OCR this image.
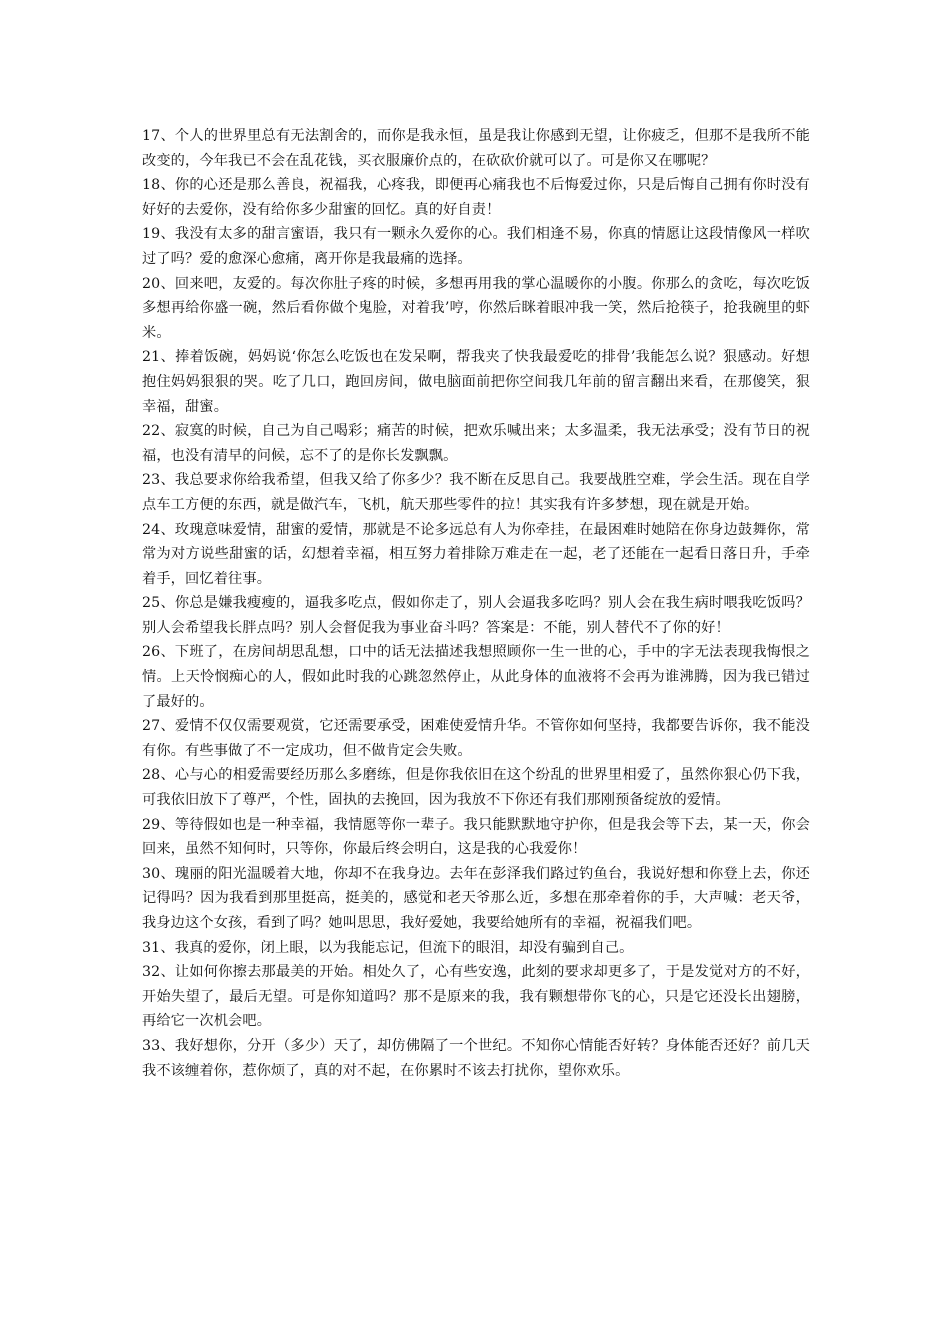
17、个人的世界里总有无法割舍的，而你是我永恒，虽是我让你感到无望，让你疲乏，但那不是我所不能改变的，今年我已不会在乱花钱，买衣服廉价点的，在砍砍价就可以了。可是你又在哪呢？

18、你的心还是那么善良，祝福我，心疼我，即便再心痛我也不后悔爱过你，只是后悔自己拥有你时没有好好的去爱你，没有给你多少甜蜜的回忆。真的好自责！

19、我没有太多的甜言蜜语，我只有一颗永久爱你的心。我们相逢不易，你真的情愿让这段情像风一样吹过了吗？爱的愈深心愈痛，离开你是我最痛的选择。

20、回来吧，友爱的。每次你肚子疼的时候，多想再用我的掌心温暖你的小腹。你那么的贪吃，每次吃饭多想再给你盛一碗，然后看你做个鬼脸，对着我’哼，你然后眯着眼冲我一笑，然后抢筷子，抢我碗里的虾米。

21、捧着饭碗，妈妈说‘你怎么吃饭也在发呆啊，帮我夹了快我最爱吃的排骨’我能怎么说？狠感动。好想抱住妈妈狠狠的哭。吃了几口，跑回房间，做电脑面前把你空间我几年前的留言翻出来看，在那傻笑，狠幸福，甜蜜。

22、寂寞的时候，自己为自己喝彩；痛苦的时候，把欢乐喊出来；太多温柔，我无法承受；没有节日的祝福，也没有清早的问候，忘不了的是你长发飘飘。

23、我总要求你给我希望，但我又给了你多少？我不断在反思自己。我要战胜空难，学会生活。现在自学点车工方便的东西，就是做汽车，飞机，航天那些零件的拉！其实我有许多梦想，现在就是开始。

24、玫瑰意味爱情，甜蜜的爱情，那就是不论多远总有人为你牵挂，在最困难时她陪在你身边鼓舞你，常常为对方说些甜蜜的话，幻想着幸福，相互努力着排除万难走在一起，老了还能在一起看日落日升，手牵着手，回忆着往事。

25、你总是嫌我瘦瘦的，逼我多吃点，假如你走了，别人会逼我多吃吗？别人会在我生病时喂我吃饭吗？别人会希望我长胖点吗？别人会督促我为事业奋斗吗？答案是：不能，别人替代不了你的好！

26、下班了，在房间胡思乱想，口中的话无法描述我想照顾你一生一世的心，手中的字无法表现我悔恨之情。上天怜悯痴心的人，假如此时我的心跳忽然停止，从此身体的血液将不会再为谁沸腾，因为我已错过了最好的。

27、爱情不仅仅需要观赏，它还需要承受，困难使爱情升华。不管你如何坚持，我都要告诉你，我不能没有你。有些事做了不一定成功，但不做肯定会失败。

28、心与心的相爱需要经历那么多磨练，但是你我依旧在这个纷乱的世界里相爱了，虽然你狠心仍下我，可我依旧放下了尊严，个性，固执的去挽回，因为我放不下你还有我们那刚预备绽放的爱情。

29、等待假如也是一种幸福，我情愿等你一辈子。我只能默默地守护你，但是我会等下去，某一天，你会回来，虽然不知何时，只等你，你最后终会明白，这是我的心我爱你！

30、瑰丽的阳光温暖着大地，你却不在我身边。去年在彭泽我们路过钓鱼台，我说好想和你登上去，你还记得吗？因为我看到那里挺高，挺美的，感觉和老天爷那么近，多想在那牵着你的手，大声喊：老天爷，我身边这个女孩，看到了吗？她叫思思，我好爱她，我要给她所有的幸福，祝福我们吧。

31、我真的爱你，闭上眼，以为我能忘记，但流下的眼泪，却没有骗到自己。

32、让如何你擦去那最美的开始。相处久了，心有些安逸，此刻的要求却更多了，于是发觉对方的不好，开始失望了，最后无望。可是你知道吗？那不是原来的我，我有颗想带你飞的心，只是它还没长出翅膀，再给它一次机会吧。

33、我好想你，分开（多少）天了，却仿佛隔了一个世纪。不知你心情能否好转？身体能否还好？前几天我不该缠着你，惹你烦了，真的对不起，在你累时不该去打扰你，望你欢乐。
